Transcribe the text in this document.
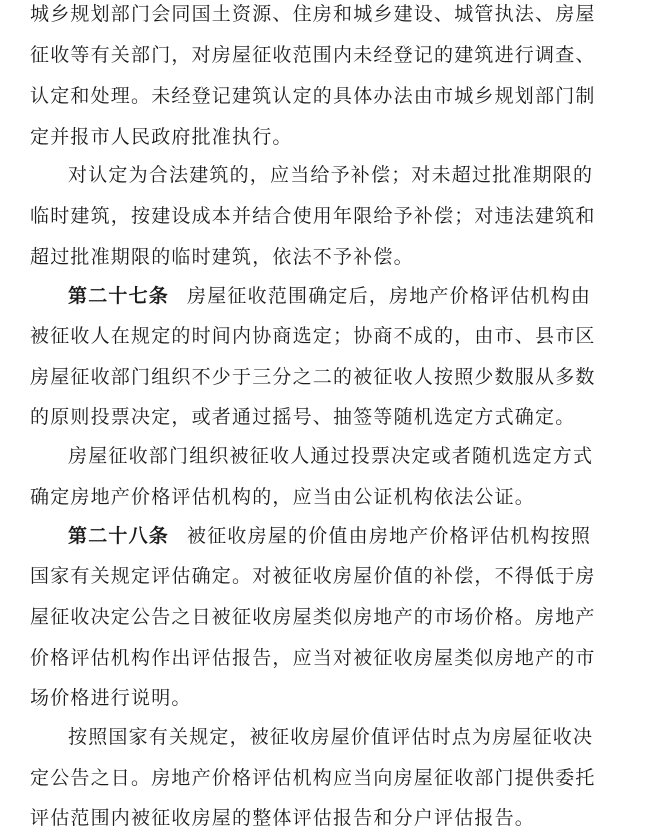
城乡规划部门会同国土资源、住房和城乡建设、城管执法、房屋
征收等有关部门，对房屋征收范围内未经登记的建筑进行调查、
认定和处理。未经登记建筑认定的具体办法由市城乡规划部门制
定并报市人民政府批准执行。
对认定为合法建筑的，应当给予补偿；对未超过批准期限的
临时建筑，按建设成本并结合使用年限给予补偿；对违法建筑和
超过批准期限的临时建筑，依法不予补偿。
第二十七条 房屋征收范围确定后，房地产价格评估机构由
被征收人在规定的时间内协商选定；协商不成的，由市、县市区
房屋征收部门组织不少于三分之二的被征收人按照少数服从多数
的原则投票决定，或者通过摇号、抽签等随机选定方式确定。
房屋征收部门组织被征收人通过投票决定或者随机选定方式
确定房地产价格评估机构的，应当由公证机构依法公证。
第二十八条 被征收房屋的价值由房地产价格评估机构按照
国家有关规定评估确定。对被征收房屋价值的补偿，不得低于房
屋征收决定公告之日被征收房屋类似房地产的市场价格。房地产
价格评估机构作出评估报告，应当对被征收房屋类似房地产的市
场价格进行说明。
按照国家有关规定，被征收房屋价值评估时点为房屋征收决
定公告之日。房地产价格评估机构应当向房屋征收部门提供委托
评估范围内被征收房屋的整体评估报告和分户评估报告。
